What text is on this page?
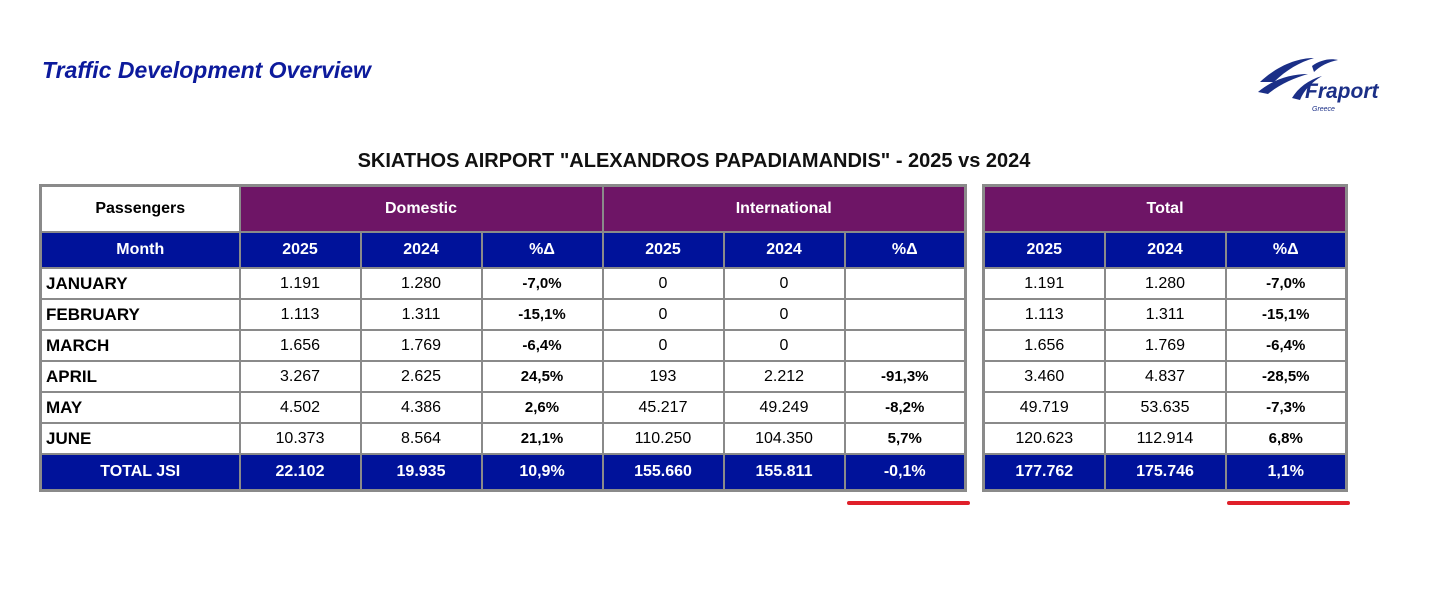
Traffic Development Overview
Fraport
Greece
SKIATHOS AIRPORT "ALEXANDROS PAPADIAMANDIS" - 2025 vs 2024
Passengers	Domestic			International		
Month	2025	2024	%Δ	2025	2024	%Δ
JANUARY	1.191	1.280	-7,0%	0	0	
FEBRUARY	1.113	1.311	-15,1%	0	0	
MARCH	1.656	1.769	-6,4%	0	0	
APRIL	3.267	2.625	24,5%	193	2.212	-91,3%
MAY	4.502	4.386	2,6%	45.217	49.249	-8,2%
JUNE	10.373	8.564	21,1%	110.250	104.350	5,7%
TOTAL JSI	22.102	19.935	10,9%	155.660	155.811	-0,1%
Total		
2025	2024	%Δ
1.191	1.280	-7,0%
1.113	1.311	-15,1%
1.656	1.769	-6,4%
3.460	4.837	-28,5%
49.719	53.635	-7,3%
120.623	112.914	6,8%
177.762	175.746	1,1%
